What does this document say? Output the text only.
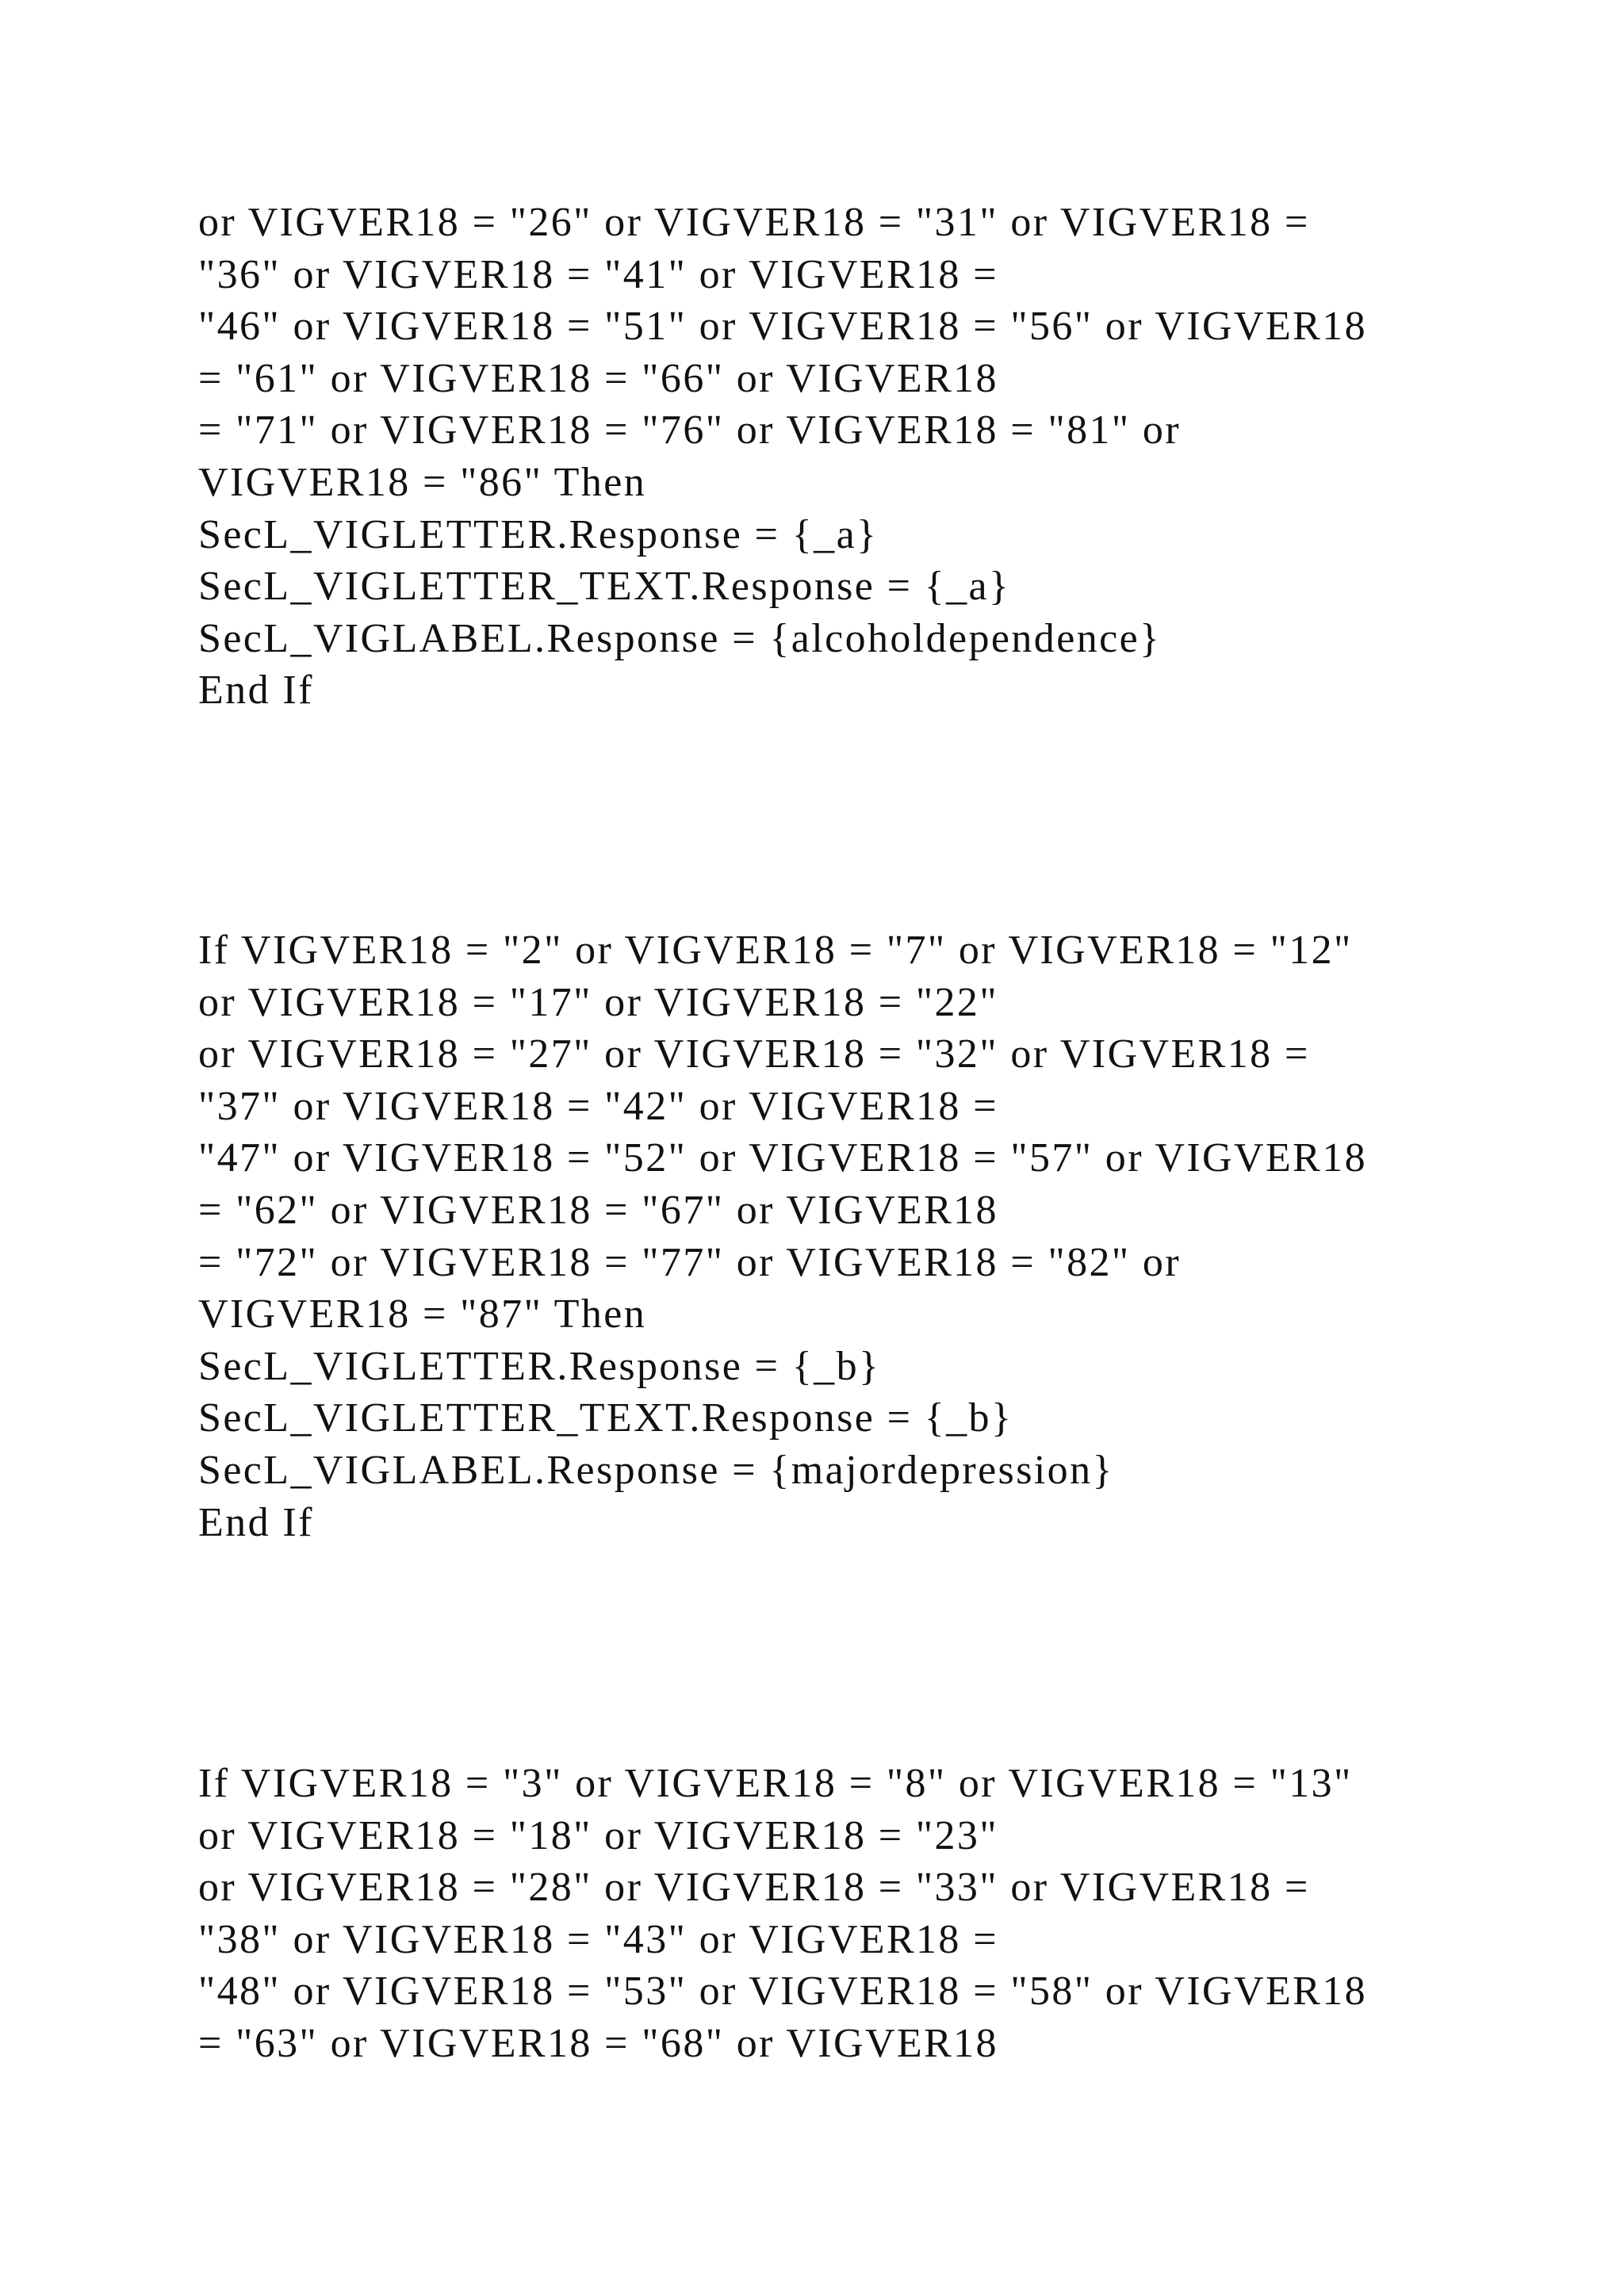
or VIGVER18 = "26" or VIGVER18 = "31" or VIGVER18 =
"36" or VIGVER18 = "41" or VIGVER18 =
"46" or VIGVER18 = "51" or VIGVER18 = "56" or VIGVER18
= "61" or VIGVER18 = "66" or VIGVER18
= "71" or VIGVER18 = "76" or VIGVER18 = "81" or
VIGVER18 = "86" Then
SecL_VIGLETTER.Response = {_a}
SecL_VIGLETTER_TEXT.Response = {_a}
SecL_VIGLABEL.Response = {alcoholdependence}
End If
If VIGVER18 = "2" or VIGVER18 = "7" or VIGVER18 = "12"
or VIGVER18 = "17" or VIGVER18 = "22"
or VIGVER18 = "27" or VIGVER18 = "32" or VIGVER18 =
"37" or VIGVER18 = "42" or VIGVER18 =
"47" or VIGVER18 = "52" or VIGVER18 = "57" or VIGVER18
= "62" or VIGVER18 = "67" or VIGVER18
= "72" or VIGVER18 = "77" or VIGVER18 = "82" or
VIGVER18 = "87" Then
SecL_VIGLETTER.Response = {_b}
SecL_VIGLETTER_TEXT.Response = {_b}
SecL_VIGLABEL.Response = {majordepression}
End If
If VIGVER18 = "3" or VIGVER18 = "8" or VIGVER18 = "13"
or VIGVER18 = "18" or VIGVER18 = "23"
or VIGVER18 = "28" or VIGVER18 = "33" or VIGVER18 =
"38" or VIGVER18 = "43" or VIGVER18 =
"48" or VIGVER18 = "53" or VIGVER18 = "58" or VIGVER18
= "63" or VIGVER18 = "68" or VIGVER18
